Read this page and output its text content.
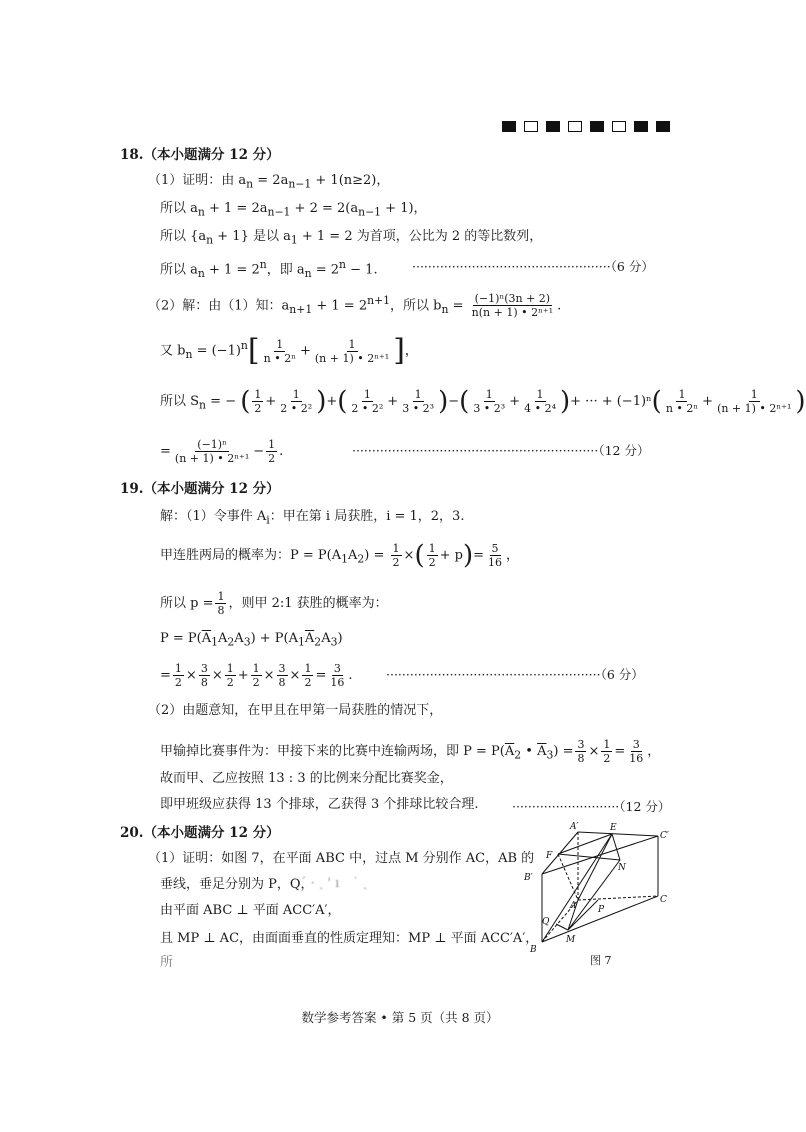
18.（本小题满分 12 分）
（1）证明：由 $a_n = 2a_{n-1} + 1(n\ge 2)$，
所以 $a_n + 1 = 2a_{n-1} + 2 = 2(a_{n-1} + 1)$，
所以 $\{a_n + 1\}$ 是以 $a_1 + 1 = 2$ 为首项，公比为 2 的等比数列，
所以 $a_n + 1 = 2^n$，即 $a_n = 2^n - 1$.	··················································（6 分）
（2）解：由（1）知：$a_{n+1} + 1 = 2^{n+1}$，所以 $b_n = \frac{\text{(−1)ⁿ(3n + 2)}}{\text{n(n + 1) • 2ⁿ⁺¹}}$ .
又 $b_n = (-1)^n[ \frac{1}{\text{n • 2ⁿ}} + \frac{1}{\text{(n + 1) • 2ⁿ⁺¹}}$ ]，
所以 $S_n$ = − ( $\frac{1}{2} + \frac{1}{\text{2 • 2²}}$ )+( $\frac{1}{\text{2 • 2²}} + \frac{1}{\text{3 • 2³}}$ )−( $\frac{1}{\text{3 • 2³}} + \frac{1}{\text{4 • 2⁴}}$ )+ ··· + $(-1)^n( \frac{1}{\text{n • 2ⁿ}} + \frac{1}{\text{(n + 1) • 2ⁿ⁺¹}}$ )
= $\frac{\text{(−1)ⁿ}}{\text{(n + 1) • 2ⁿ⁺¹}} - \frac{1}{2}$ .	······························································（12 分）
19.（本小题满分 12 分）
解：（1）令事件 $A_i$：甲在第 i 局获胜，i = 1，2，3.
甲连胜两局的概率为：$P = P(A_1A_2) = \frac{1}{2}$ ×( $\frac{1}{2} + p)= \frac{5}{16}$ ，
所以 $p = \frac{1}{8}$ ，则甲 2:1 获胜的概率为：
$P = P(\overline{A}_1A_2A_3) + P(A_1\overline{A}_2A_3)$
= $\frac{1}{2} \times \frac{3}{8} \times \frac{1}{2} + \frac{1}{2} \times \frac{3}{8} \times \frac{1}{2} = \frac{3}{16}$ .	······················································（6 分）
（2）由题意知，在甲且在甲第一局获胜的情况下，
甲输掉比赛事件为：甲接下来的比赛中连输两场，即 $P = P(\overline{A}_2$ • $\overline{A}_3) = \frac{3}{8} \times \frac{1}{2} = \frac{3}{16}$ ，
故而甲、乙应按照 13 : 3 的比例来分配比赛奖金，
即甲班级应获得 13 个排球，乙获得 3 个排球比较合理.	···························（12 分）
20.（本小题满分 12 分）
（1）证明：如图 7，在平面 ABC 中，过点 M 分别作 AC，AB 的
垂线，垂足分别为 P，Q，
由平面 ABC ⊥ 平面 ACC′A′，
且 MP ⊥ AC，由面面垂直的性质定理知：MP ⊥ 平面 ACC′A′，
所
ˊ · ˎ ' ı　˙ ˎ
A′	E
C′
F
N
B′
A P
C
Q
M
B
图 7
数学参考答案 • 第 5 页（共 8 页）
